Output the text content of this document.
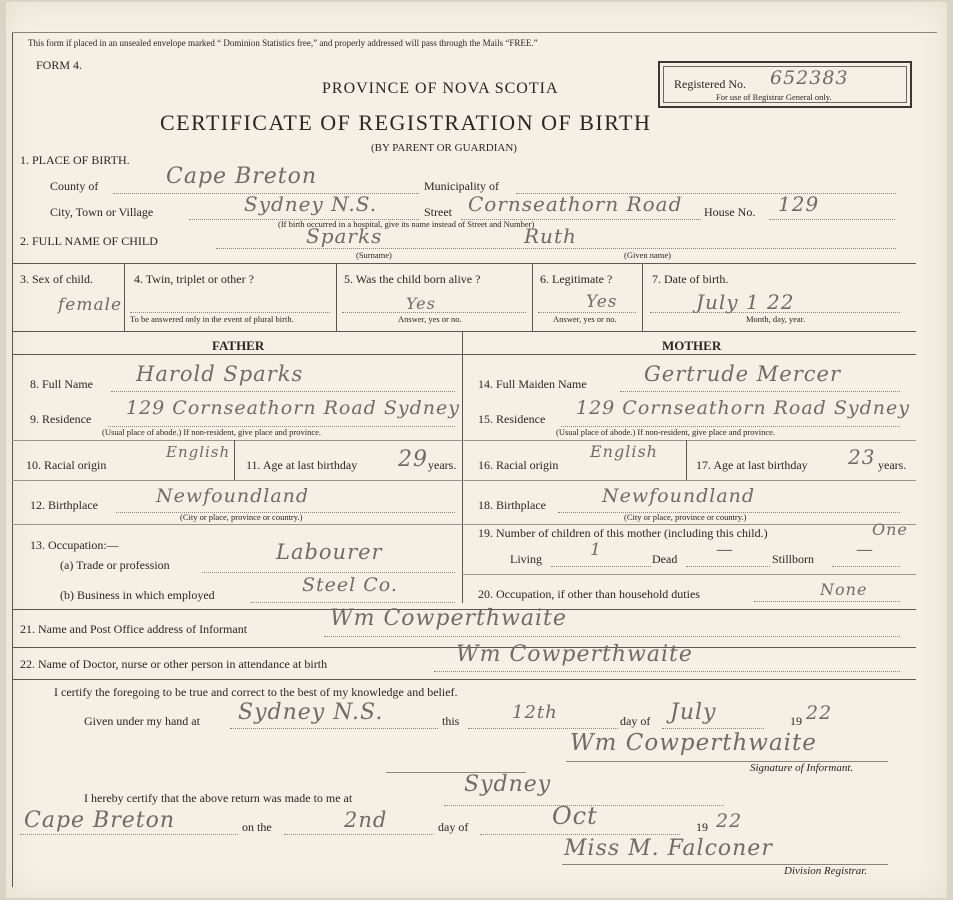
This form if placed in an unsealed envelope marked “ Dominion Statistics free,” and properly addressed will pass through the Mails “FREE.”
FORM 4.
Registered No. 652383
For use of Registrar General only.
PROVINCE OF NOVA SCOTIA
CERTIFICATE OF REGISTRATION OF BIRTH
(BY PARENT OR GUARDIAN)
1. PLACE OF BIRTH.
County of	Cape Breton	Municipality of
City, Town or Village	Sydney N.S.	Street Cornseathorn Road House No. 129
(If birth occurred in a hospital, give its name instead of Street and Number)
2. FULL NAME OF CHILD	Sparks	Ruth
(Surname)	(Given name)
3. Sex of child.
female
4. Twin, triplet or other ?
To be answered only in the event of plural birth.
5. Was the child born alive ?
Yes
Answer, yes or no.
6. Legitimate ?
Yes
Answer, yes or no.
7. Date of birth.
July 1 22
Month, day, year.
FATHER	MOTHER
8. Full Name Harold Sparks
9. Residence 129 Cornseathorn Road Sydney
(Usual place of abode.) If non-resident, give place and province.
10. Racial origin
English
11. Age at last birthday 29 years.
12. Birthplace	Newfoundland
(City or place, province or country.)
13. Occupation:—
(a) Trade or profession
Labourer
(b) Business in which employed	Steel Co.
14. Full Maiden Name	Gertrude Mercer
15. Residence 129 Cornseathorn Road Sydney
(Usual place of abode.) If non-resident, give place and province.
16. Racial origin
English
17. Age at last birthday 23 years.
18. Birthplace	Newfoundland
(City or place, province or country.)
19. Number of children of this mother (including this child.)	One
Living	1	Dead —	Stillborn —
20. Occupation, if other than household duties	None
21. Name and Post Office address of Informant	Wm Cowperthwaite
22. Name of Doctor, nurse or other person in attendance at birth	Wm Cowperthwaite
I certify the foregoing to be true and correct to the best of my knowledge and belief.
Given under my hand at Sydney N.S.	this	12th	day of July	19 22
Wm Cowperthwaite
Signature of Informant.
I hereby certify that the above return was made to me at
Sydney
Cape Breton	on the	2nd	day of	Oct	19 22
Miss M. Falconer
Division Registrar.
